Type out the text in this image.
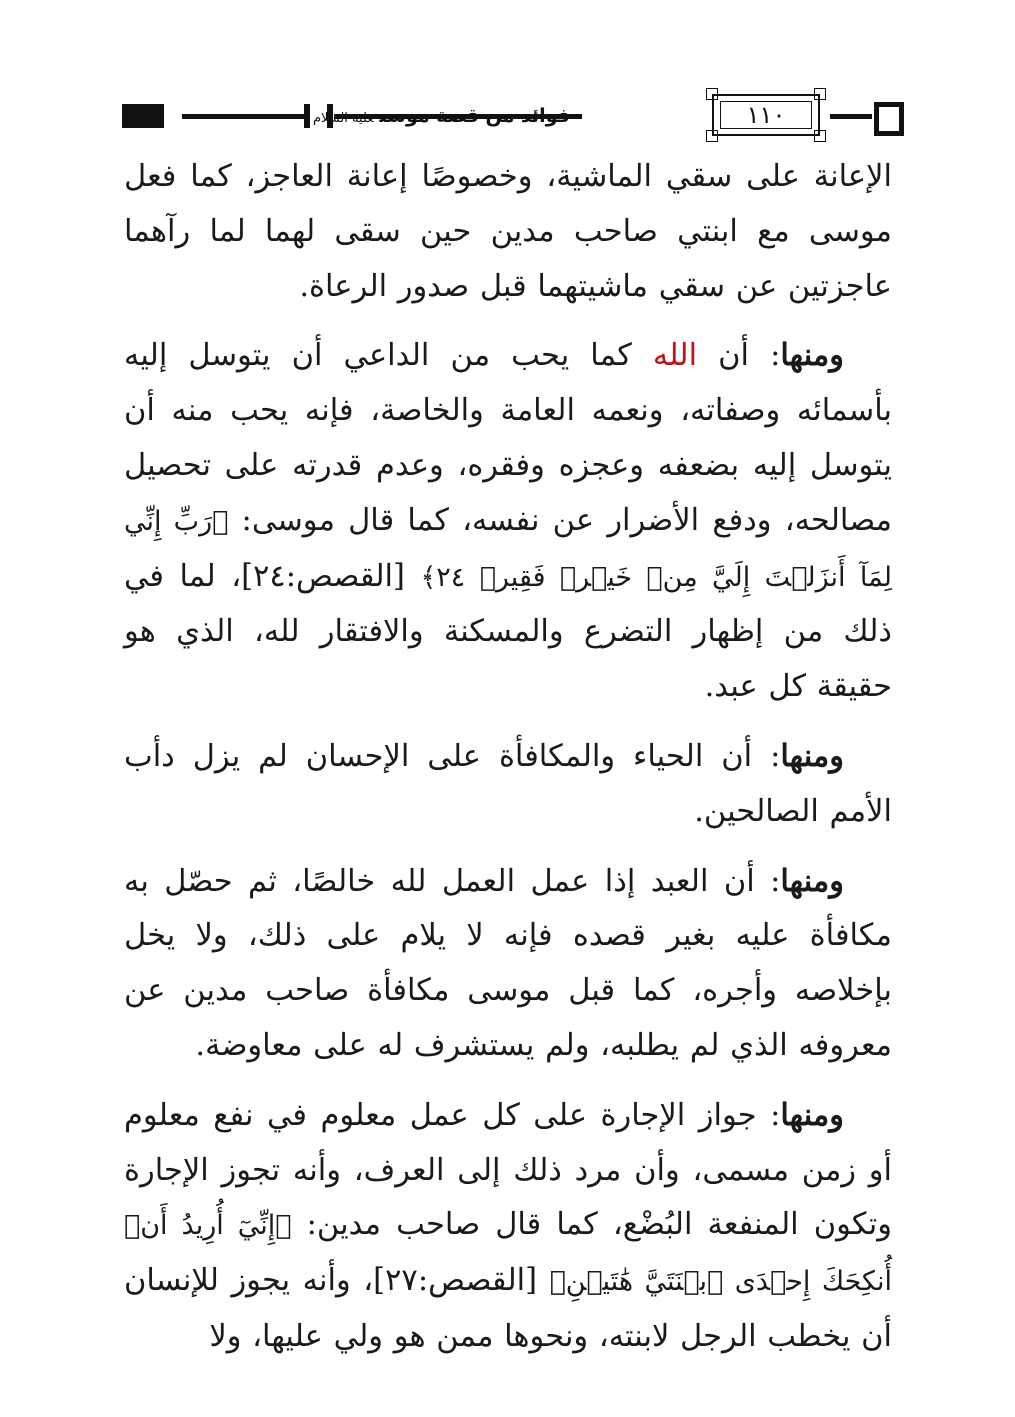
فوائد من قصة موسىعليه السلام	١١٠

الإعانة على سقي الماشية، وخصوصًا إعانة العاجز، كما فعل موسى مع ابنتي صاحب مدين حين سقى لهما لما رآهما عاجزتين عن سقي ماشيتهما قبل صدور الرعاة.

ومنها: أن الله كما يحب من الداعي أن يتوسل إليه بأسمائه وصفاته، ونعمه العامة والخاصة، فإنه يحب منه أن يتوسل إليه بضعفه وعجزه وفقره، وعدم قدرته على تحصيل مصالحه، ودفع الأضرار عن نفسه، كما قال موسى: ﴿رَبِّ إِنِّي لِمَآ أَنزَلۡتَ إِلَيَّ مِنۡ خَيۡرٖ فَقِيرٞ ٢٤﴾ [القصص:٢٤]، لما في ذلك من إظهار التضرع والمسكنة والافتقار لله، الذي هو حقيقة كل عبد.

ومنها: أن الحياء والمكافأة على الإحسان لم يزل دأب الأمم الصالحين.

ومنها: أن العبد إذا عمل العمل لله خالصًا، ثم حصّل به مكافأة عليه بغير قصده فإنه لا يلام على ذلك، ولا يخل بإخلاصه وأجره، كما قبل موسى مكافأة صاحب مدين عن معروفه الذي لم يطلبه، ولم يستشرف له على معاوضة.

ومنها: جواز الإجارة على كل عمل معلوم في نفع معلوم أو زمن مسمى، وأن مرد ذلك إلى العرف، وأنه تجوز الإجارة وتكون المنفعة البُضْع، كما قال صاحب مدين: ﴿إِنِّيٓ أُرِيدُ أَنۡ أُنكِحَكَ إِحۡدَى ٱبۡنَتَيَّ هَٰتَيۡنِ﴾ [القصص:٢٧]، وأنه يجوز للإنسان أن يخطب الرجل لابنته، ونحوها ممن هو ولي عليها، ولا
